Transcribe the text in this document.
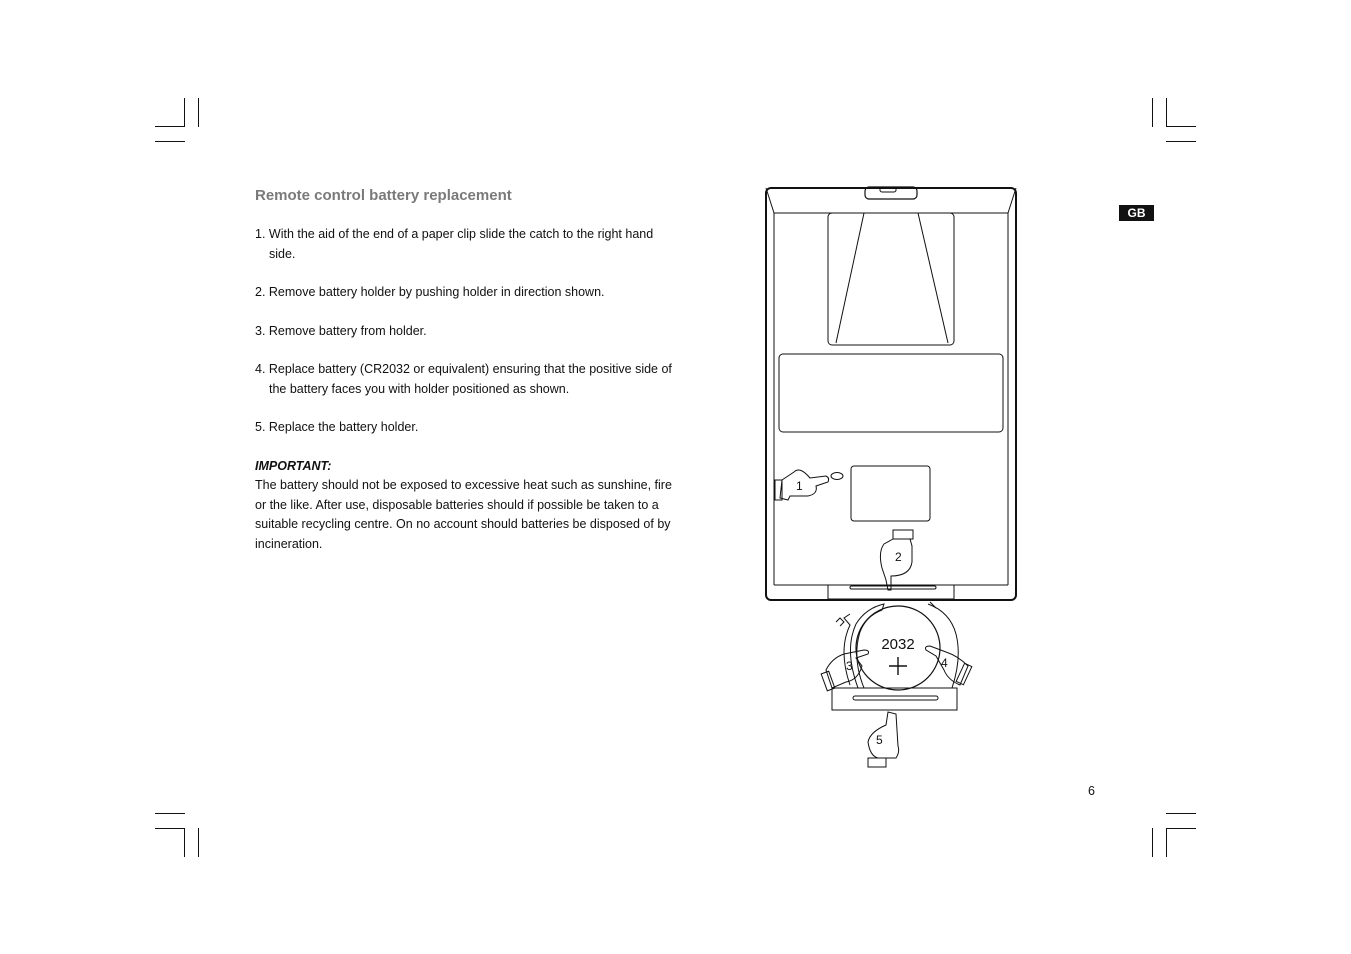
Remote control battery replacement

1. With the aid of the end of a paper clip slide the catch to the right hand side.

2. Remove battery holder by pushing holder in direction shown.

3. Remove battery from holder.

4. Replace battery (CR2032 or equivalent) ensuring that the positive side of the battery faces you with holder positioned as shown.

5. Replace the battery holder.

IMPORTANT:

The battery should not be exposed to excessive heat such as sunshine, fire or the like. After use, disposable batteries should if possible be taken to a suitable recycling centre. On no account should batteries be disposed of by incineration.

GB
6
1
2
3	4
5
2032
